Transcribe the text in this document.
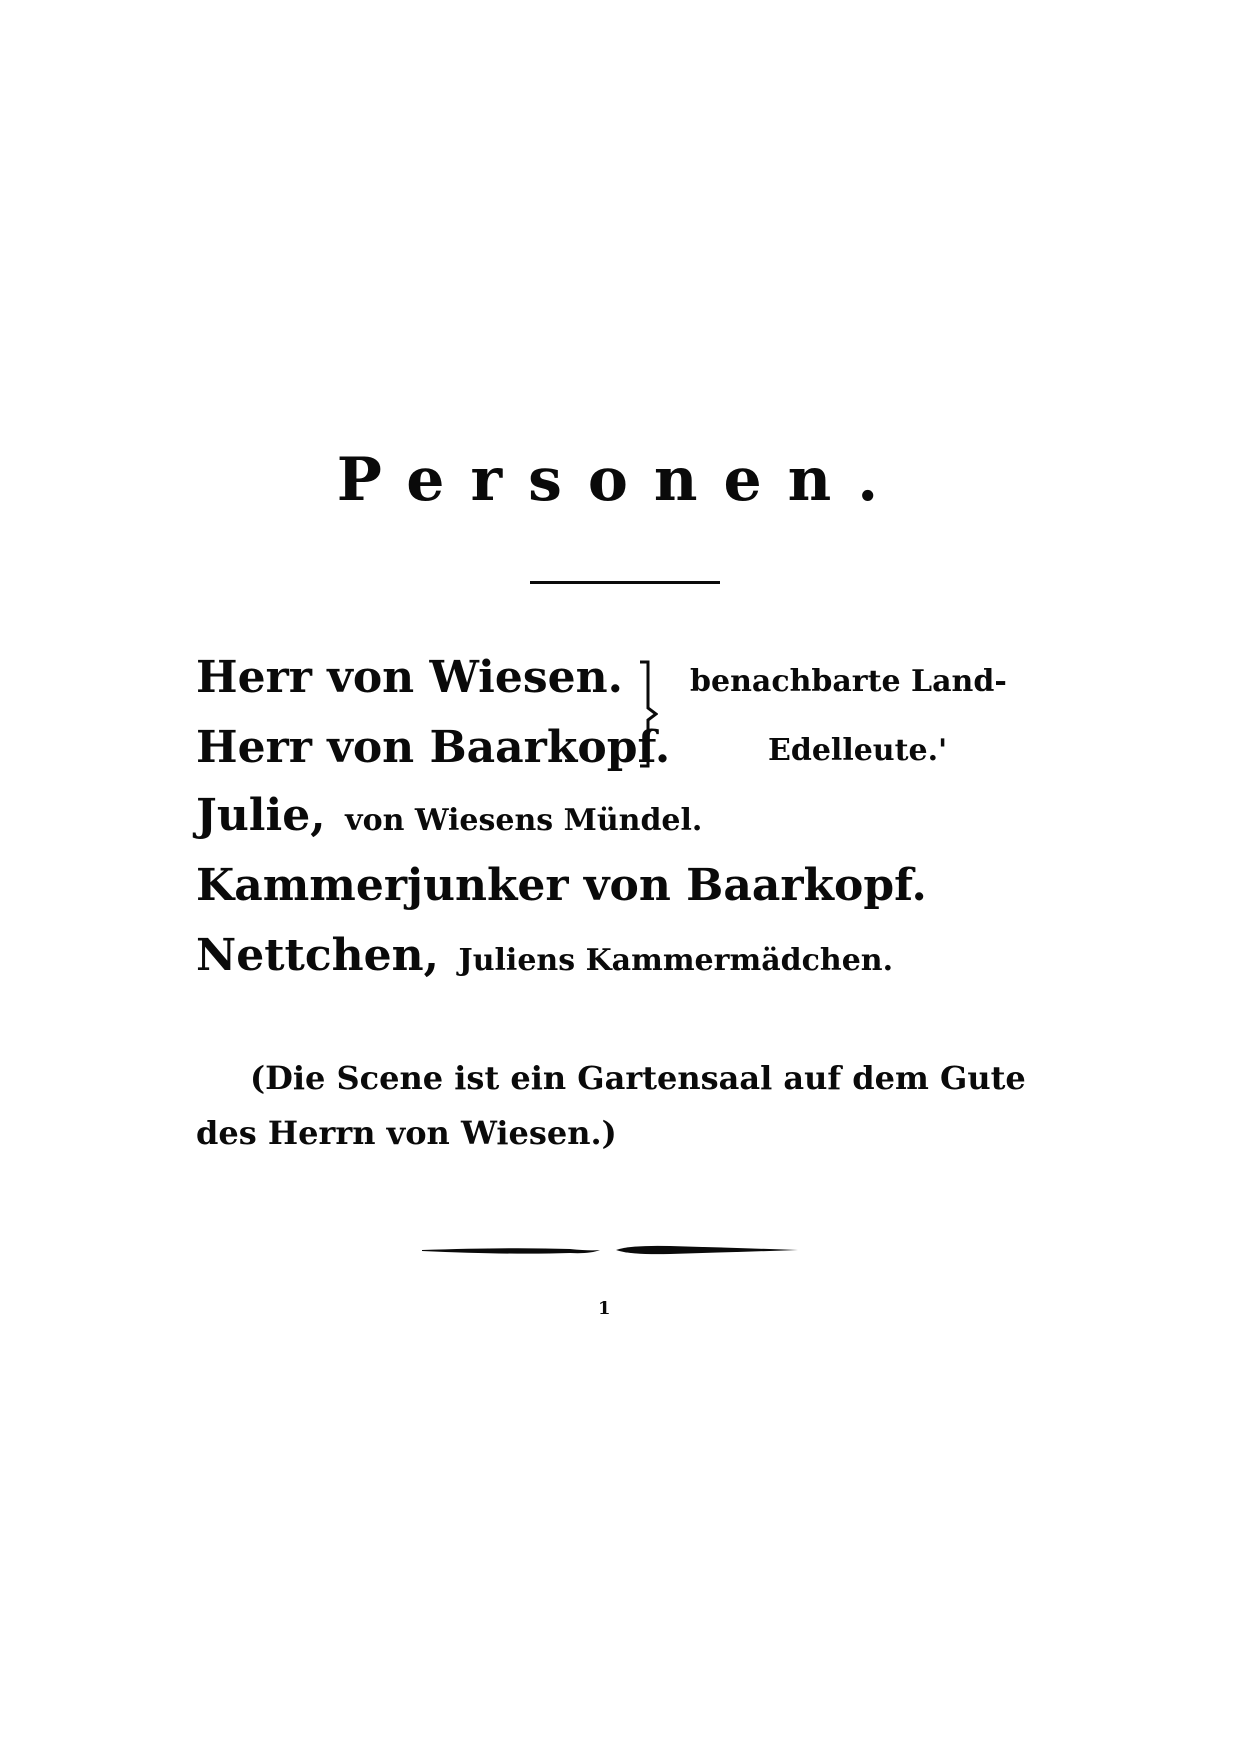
Personen.
Herr von Wiesen.
Herr von Baarkopf.
benachbarte Land-
Edelleute.'
Julie, von Wiesens Mündel.
Kammerjunker von Baarkopf.
Nettchen, Juliens Kammermädchen.
(Die Scene ist ein Gartensaal auf dem Gute
des Herrn von Wiesen.)
1
